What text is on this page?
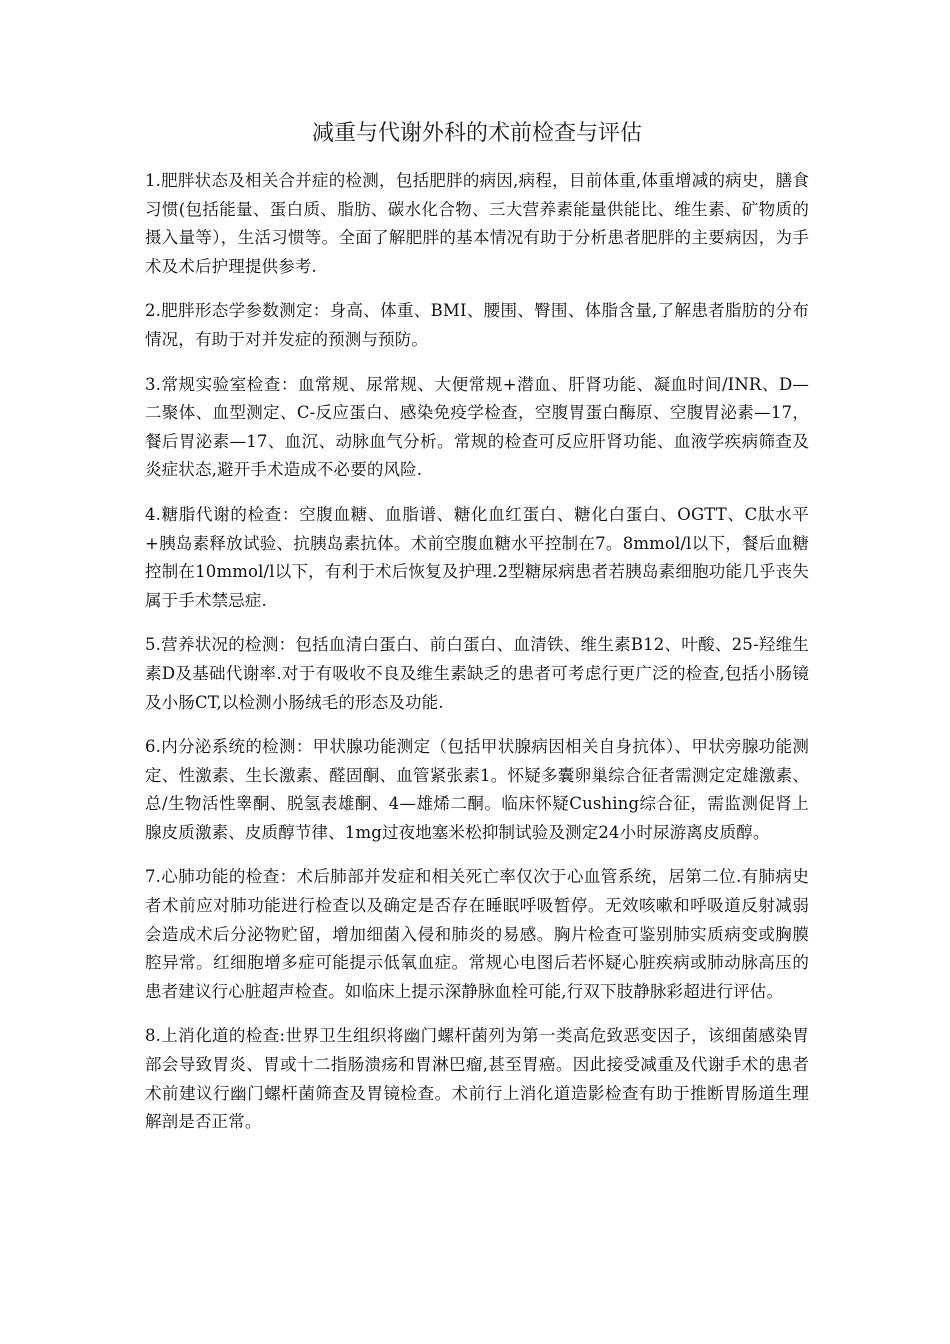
减重与代谢外科的术前检查与评估

1.肥胖状态及相关合并症的检测，包括肥胖的病因,病程，目前体重,体重增减的病史，膳食习惯(包括能量、蛋白质、脂肪、碳水化合物、三大营养素能量供能比、维生素、矿物质的摄入量等），生活习惯等。全面了解肥胖的基本情况有助于分析患者肥胖的主要病因，为手术及术后护理提供参考.

2.肥胖形态学参数测定：身高、体重、BMI、腰围、臀围、体脂含量,了解患者脂肪的分布情况，有助于对并发症的预测与预防。

3.常规实验室检查：血常规、尿常规、大便常规+潜血、肝肾功能、凝血时间/INR、D—二聚体、血型测定、C-反应蛋白、感染免疫学检查，空腹胃蛋白酶原、空腹胃泌素—17，餐后胃泌素—17、血沉、动脉血气分析。常规的检查可反应肝肾功能、血液学疾病筛查及炎症状态,避开手术造成不必要的风险.

4.糖脂代谢的检查：空腹血糖、血脂谱、糖化血红蛋白、糖化白蛋白、OGTT、C肽水平+胰岛素释放试验、抗胰岛素抗体。术前空腹血糖水平控制在7。8mmol/l以下，餐后血糖控制在10mmol/l以下，有利于术后恢复及护理.2型糖尿病患者若胰岛素细胞功能几乎丧失属于手术禁忌症.

5.营养状况的检测：包括血清白蛋白、前白蛋白、血清铁、维生素B12、叶酸、25-羟维生素D及基础代谢率.对于有吸收不良及维生素缺乏的患者可考虑行更广泛的检查,包括小肠镜及小肠CT,以检测小肠绒毛的形态及功能.

6.内分泌系统的检测：甲状腺功能测定（包括甲状腺病因相关自身抗体）、甲状旁腺功能测定、性激素、生长激素、醛固酮、血管紧张素1。怀疑多囊卵巢综合征者需测定定雄激素、总/生物活性睾酮、脱氢表雄酮、4—雄烯二酮。临床怀疑Cushing综合征，需监测促肾上腺皮质激素、皮质醇节律、1mg过夜地塞米松抑制试验及测定24小时尿游离皮质醇。

7.心肺功能的检查：术后肺部并发症和相关死亡率仅次于心血管系统，居第二位.有肺病史者术前应对肺功能进行检查以及确定是否存在睡眠呼吸暂停。无效咳嗽和呼吸道反射减弱会造成术后分泌物贮留，增加细菌入侵和肺炎的易感。胸片检查可鉴别肺实质病变或胸膜腔异常。红细胞增多症可能提示低氧血症。常规心电图后若怀疑心脏疾病或肺动脉高压的患者建议行心脏超声检查。如临床上提示深静脉血栓可能,行双下肢静脉彩超进行评估。

8.上消化道的检查:世界卫生组织将幽门螺杆菌列为第一类高危致恶变因子，该细菌感染胃部会导致胃炎、胃或十二指肠溃疡和胃淋巴瘤,甚至胃癌。因此接受减重及代谢手术的患者术前建议行幽门螺杆菌筛查及胃镜检查。术前行上消化道造影检查有助于推断胃肠道生理解剖是否正常。
